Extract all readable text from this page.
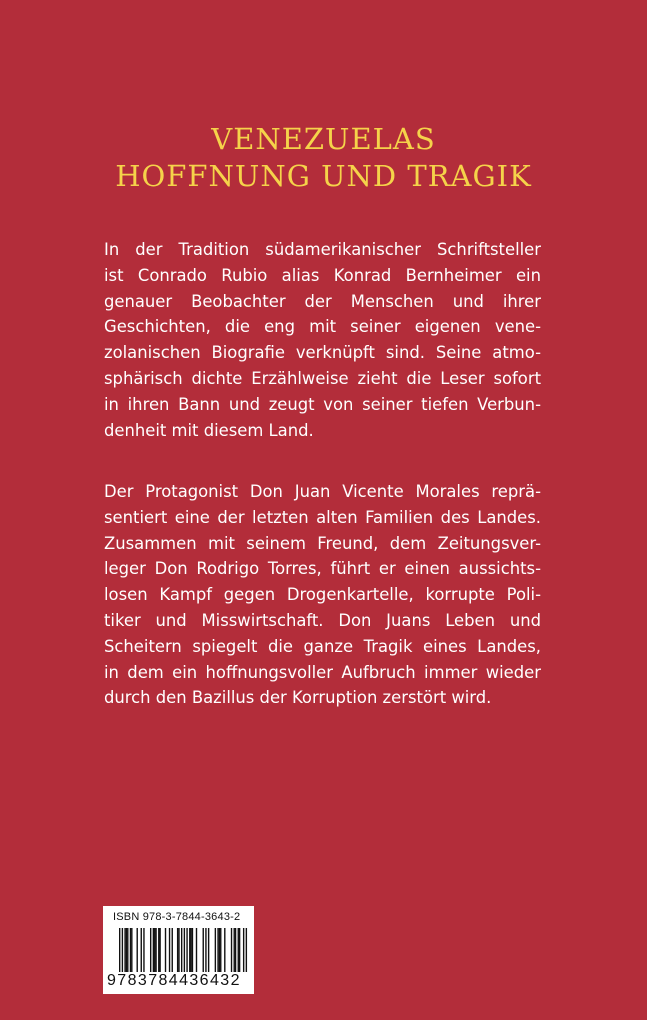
VENEZUELAS
HOFFNUNG UND TRAGIK
In der Tradition südamerikanischer Schriftsteller
ist Conrado Rubio alias Konrad Bernheimer ein
genauer Beobachter der Menschen und ihrer
Geschichten, die eng mit seiner eigenen vene-
zolanischen Biografie verknüpft sind. Seine atmo-
sphärisch dichte Erzählweise zieht die Leser sofort
in ihren Bann und zeugt von seiner tiefen Verbun-
denheit mit diesem Land.
Der Protagonist Don Juan Vicente Morales reprä-
sentiert eine der letzten alten Familien des Landes.
Zusammen mit seinem Freund, dem Zeitungsver-
leger Don Rodrigo Torres, führt er einen aussichts-
losen Kampf gegen Drogenkartelle, korrupte Poli-
tiker und Misswirtschaft. Don Juans Leben und
Scheitern spiegelt die ganze Tragik eines Landes,
in dem ein hoffnungsvoller Aufbruch immer wieder
durch den Bazillus der Korruption zerstört wird.
ISBN 978-3-7844-3643-2
9783784436432
